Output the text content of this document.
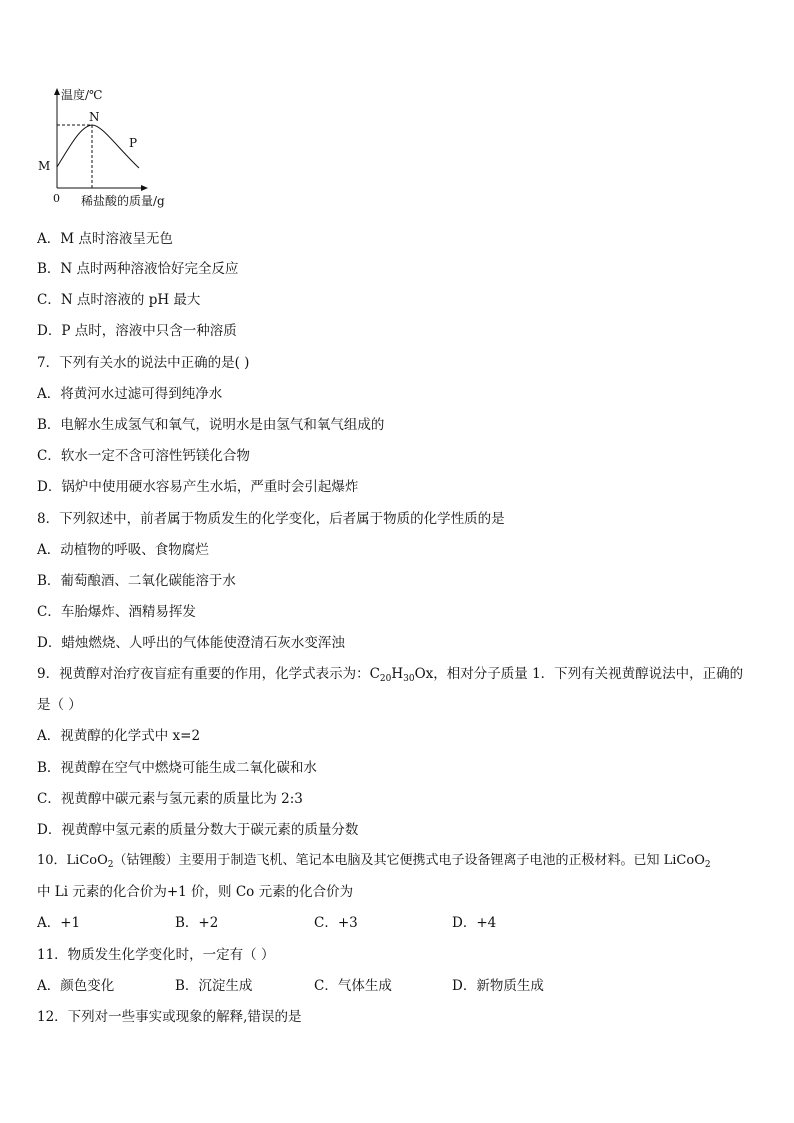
温度/℃
M
N
P
0 稀盐酸的质量/g
A．M 点时溶液呈无色
B．N 点时两种溶液恰好完全反应
C．N 点时溶液的 pH 最大
D．P 点时，溶液中只含一种溶质
7．下列有关水的说法中正确的是( )
A．将黄河水过滤可得到纯净水
B．电解水生成氢气和氧气，说明水是由氢气和氧气组成的
C．软水一定不含可溶性钙镁化合物
D．锅炉中使用硬水容易产生水垢，严重时会引起爆炸
8．下列叙述中，前者属于物质发生的化学变化，后者属于物质的化学性质的是
A．动植物的呼吸、食物腐烂
B．葡萄酿酒、二氧化碳能溶于水
C．车胎爆炸、酒精易挥发
D．蜡烛燃烧、人呼出的气体能使澄清石灰水变浑浊
9．视黄醇对治疗夜盲症有重要的作用，化学式表示为：$C_{20}H_{30}Ox$，相对分子质量 1．下列有关视黄醇说法中，正确的
是（ ）
A．视黄醇的化学式中 x=2
B．视黄醇在空气中燃烧可能生成二氧化碳和水
C．视黄醇中碳元素与氢元素的质量比为 2:3
D．视黄醇中氢元素的质量分数大于碳元素的质量分数
10．LiCoO$_2$（钴锂酸）主要用于制造飞机、笔记本电脑及其它便携式电子设备锂离子电池的正极材料。已知 LiCoO$_2$
中 Li 元素的化合价为+1 价，则 Co 元素的化合价为
A．+1	B．+2	C．+3	D．+4
11．物质发生化学变化时，一定有（ ）
A．颜色变化	B．沉淀生成	C．气体生成	D．新物质生成
12．下列对一些事实或现象的解释,错误的是
